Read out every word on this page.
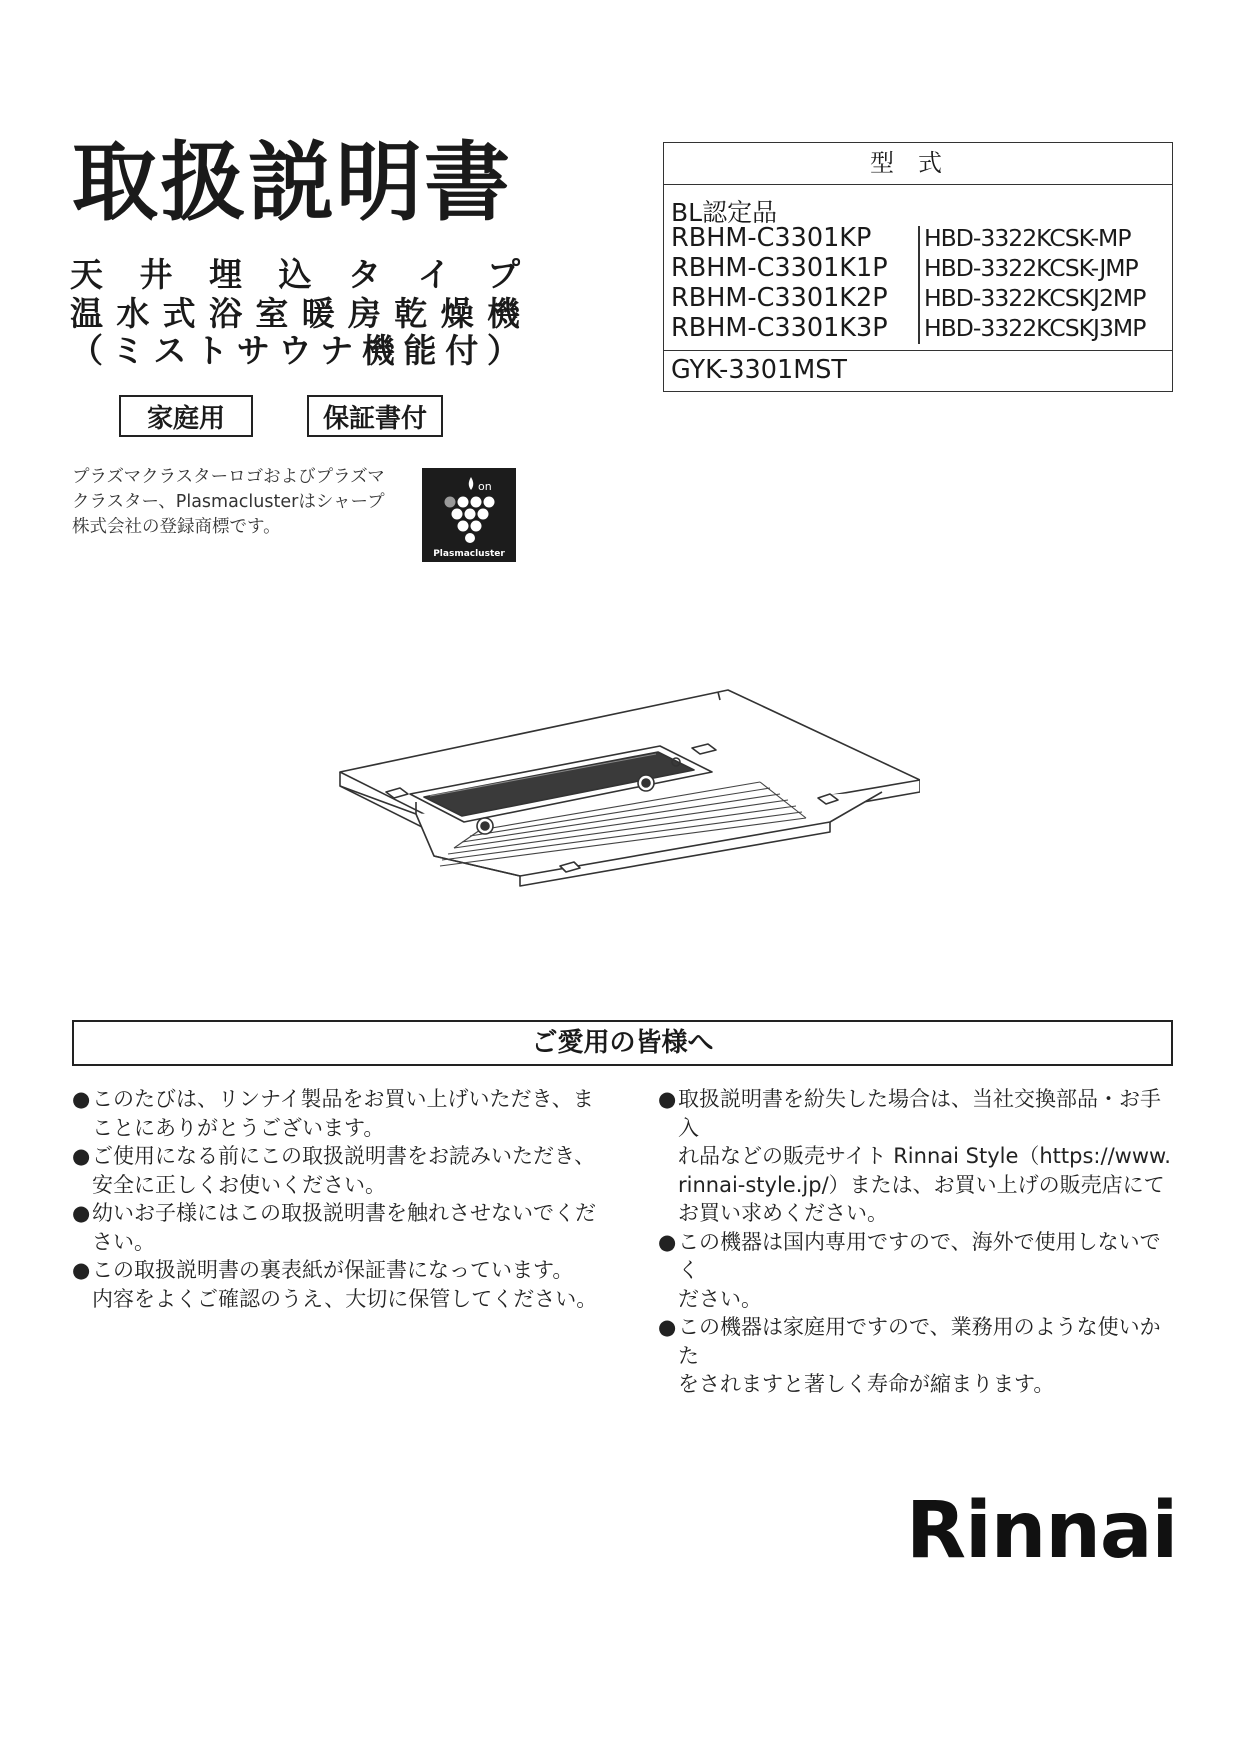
取扱説明書
天 井 埋 込 タ イ プ
温 水 式 浴 室 暖 房 乾 燥 機
（ ミ ス ト サ ウ ナ 機 能 付 ）
家庭用	保証書付
プラズマクラスターロゴおよびプラズマ
クラスター、Plasmaclusterはシャープ
株式会社の登録商標です。
on
Plasmacluster
型式
BL認定品
RBHM-C3301KP
RBHM-C3301K1P
RBHM-C3301K2P
RBHM-C3301K3P
HBD-3322KCSK-MP
HBD-3322KCSK-JMP
HBD-3322KCSKJ2MP
HBD-3322KCSKJ3MP
GYK-3301MST
ご愛用の皆様へ

● このたびは、リンナイ製品をお買い上げいただき、ま
ことにありがとうございます。

● ご使用になる前にこの取扱説明書をお読みいただき、
安全に正しくお使いください。

● 幼いお子様にはこの取扱説明書を触れさせないでくだ
さい。

● この取扱説明書の裏表紙が保証書になっています。
内容をよくご確認のうえ、大切に保管してください。

● 取扱説明書を紛失した場合は、当社交換部品・お手入
れ品などの販売サイト Rinnai Style（https://www.
rinnai-style.jp/）または、お買い上げの販売店にて
お買い求めください。

● この機器は国内専用ですので、海外で使用しないでく
ださい。

● この機器は家庭用ですので、業務用のような使いかた
をされますと著しく寿命が縮まります。

Rinnai
